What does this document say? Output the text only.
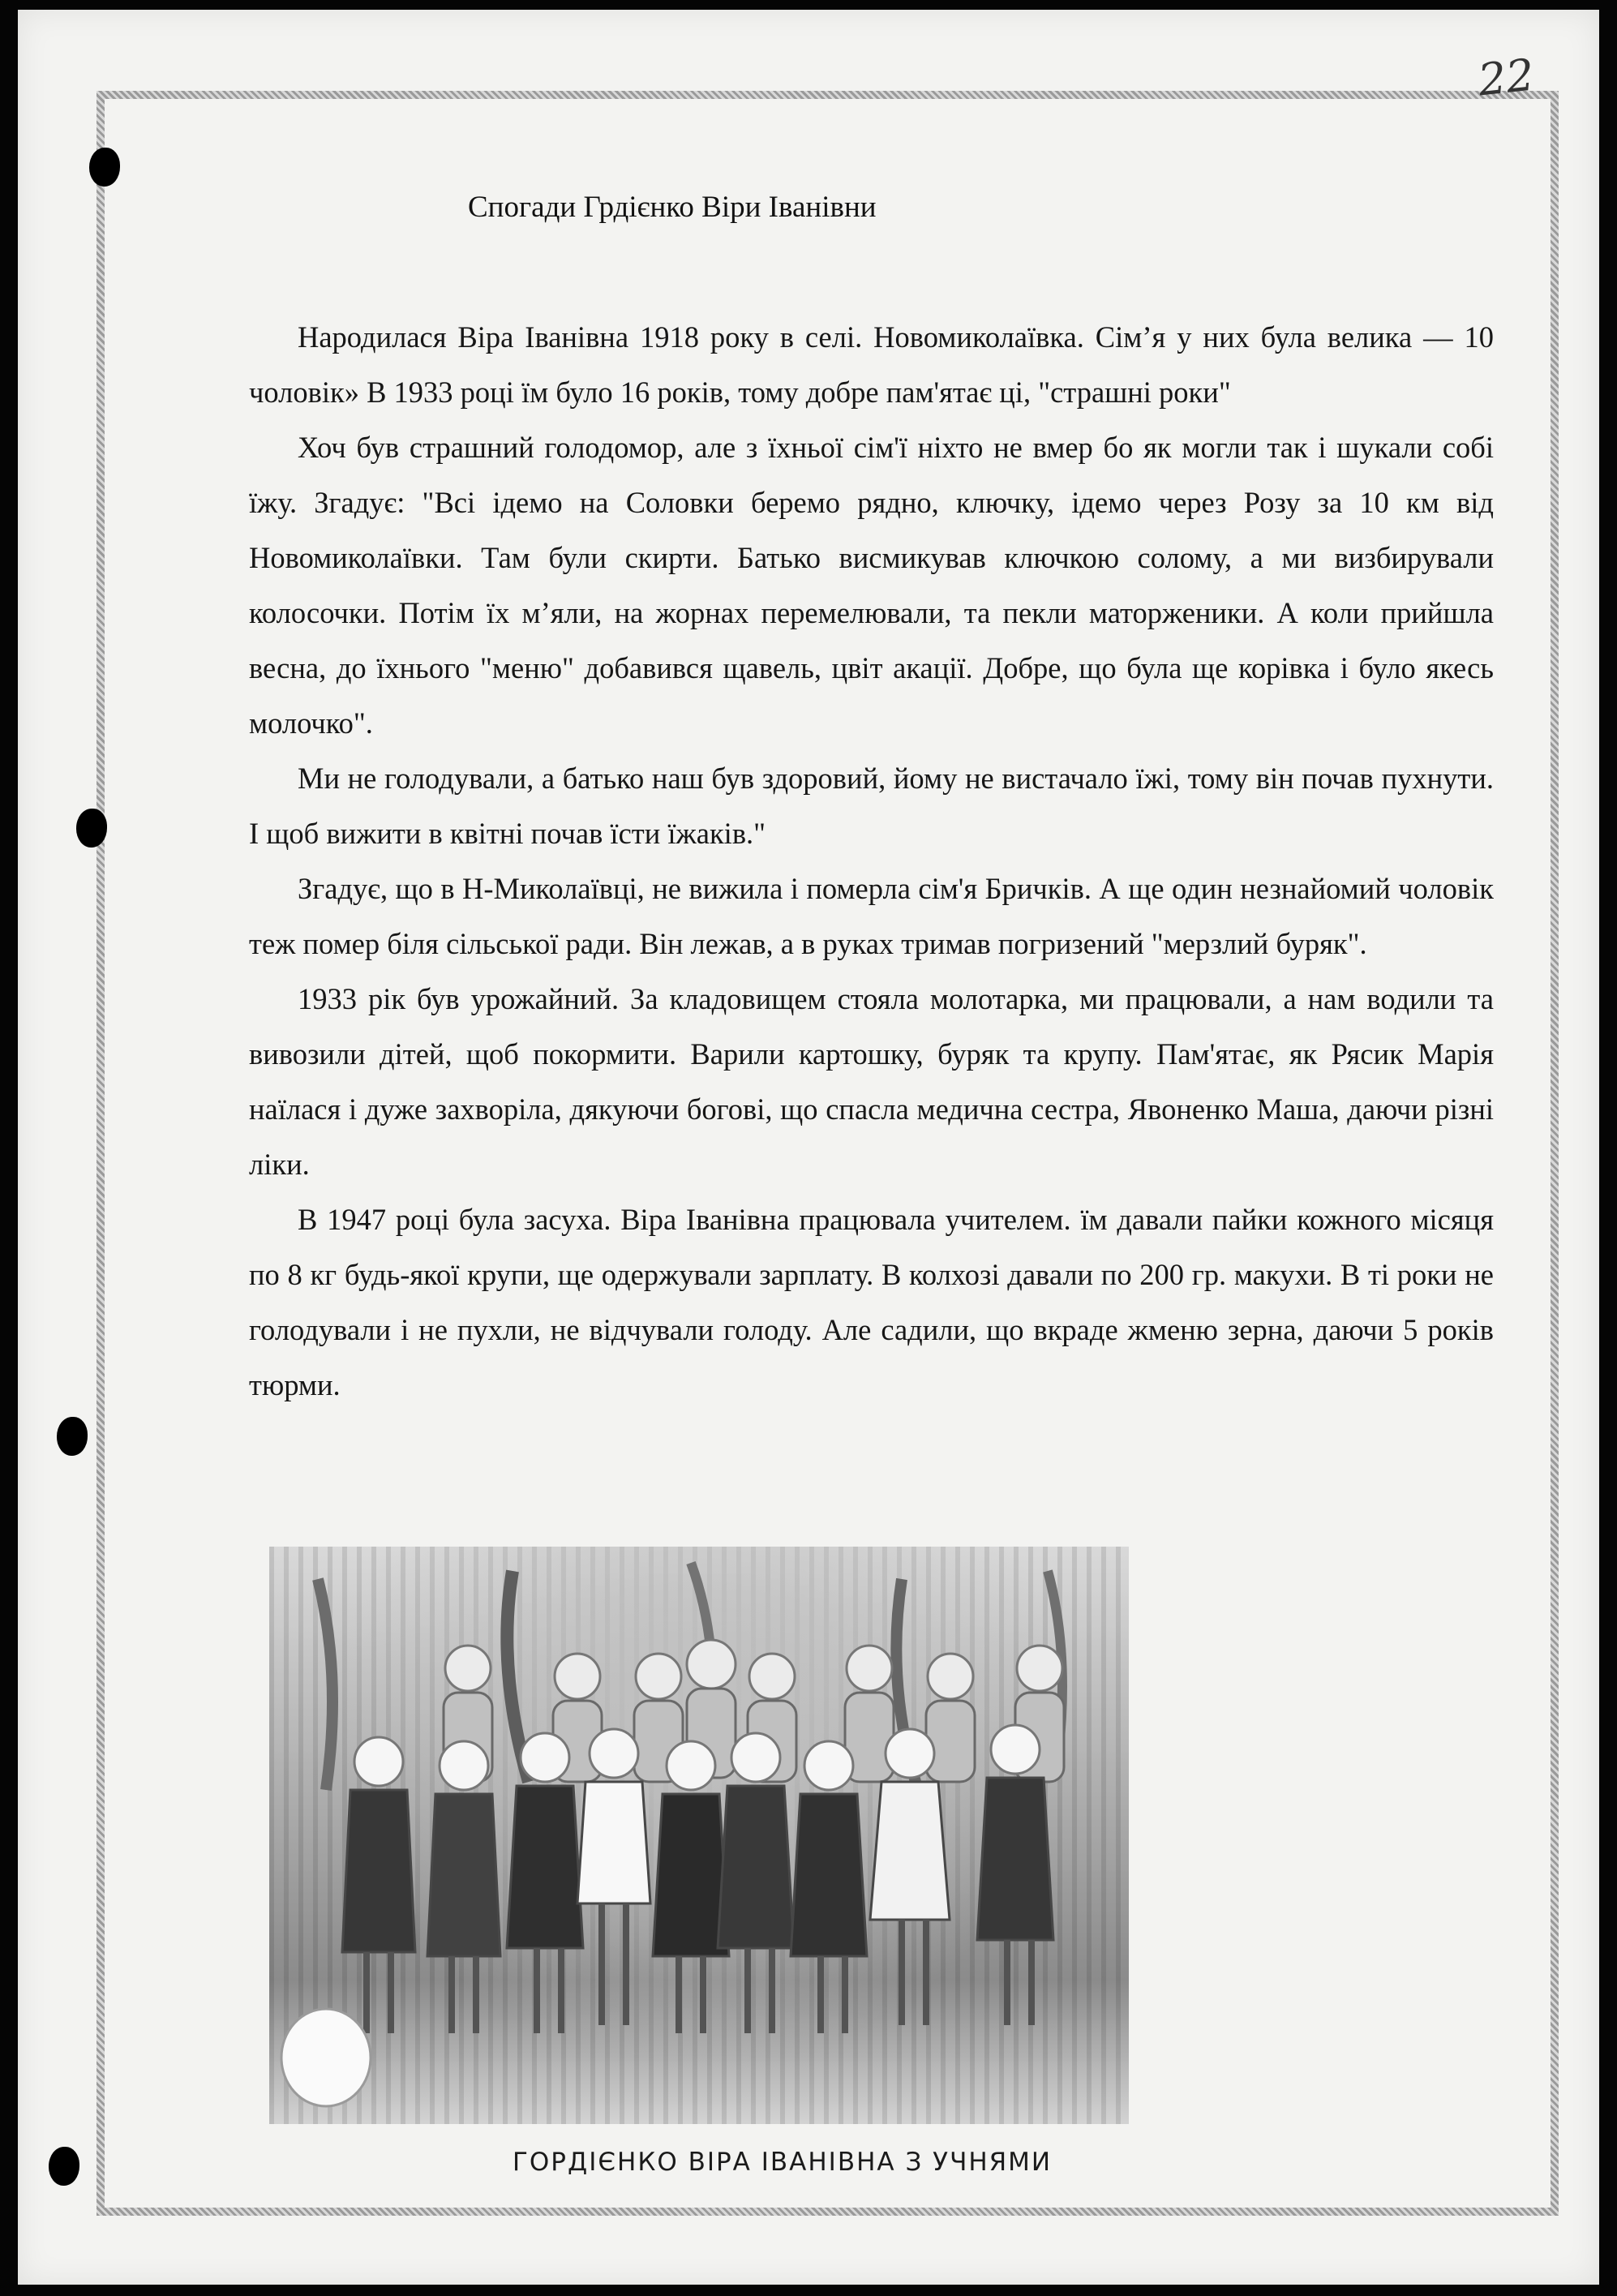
22
Спогади Грдієнко Віри Іванівни

Народилася Віра Іванівна 1918 року в селі. Новомиколаївка. Сім’я у них була велика — 10 чоловік» В 1933 році їм було 16 років, тому добре пам'ятає ці, "страшні роки"

Хоч був страшний голодомор, але з їхньої сім'ї ніхто не вмер бо як могли так і шукали собі їжу. Згадує: "Всі ідемо на Соловки беремо рядно, ключку, ідемо через Розу за 10 км від Новомиколаївки. Там були скирти. Батько висмикував ключкою солому, а ми визбирували колосочки. Потім їх м’яли, на жорнах перемелювали, та пекли маторженики. А коли прийшла весна, до їхнього "меню" добавився щавель, цвіт акації. Добре, що була ще корівка і було якесь молочко".

Ми не голодували, а батько наш був здоровий, йому не вистачало їжі, тому він почав пухнути. І щоб вижити в квітні почав їсти їжаків."

Згадує, що в Н-Миколаївці, не вижила і померла сім'я Бричків. А ще один незнайомий чоловік теж помер біля сільської ради. Він лежав, а в руках тримав погризений "мерзлий буряк".

1933 рік був урожайний. За кладовищем стояла молотарка, ми працювали, а нам водили та вивозили дітей, щоб покормити. Варили картошку, буряк та крупу. Пам'ятає, як Рясик Марія наїлася і дуже захворіла, дякуючи богові, що спасла медична сестра, Явоненко Маша, даючи різні ліки.

В 1947 році була засуха. Віра Іванівна працювала учителем. їм давали пайки кожного місяця по 8 кг будь-якої крупи, ще одержували зарплату. В колхозі давали по 200 гр. макухи. В ті роки не голодували і не пухли, не відчували голоду. Але садили, що вкраде жменю зерна, даючи 5 років тюрми.

ГОРДІЄНКО ВІРА ІВАНІВНА З УЧНЯМИ
